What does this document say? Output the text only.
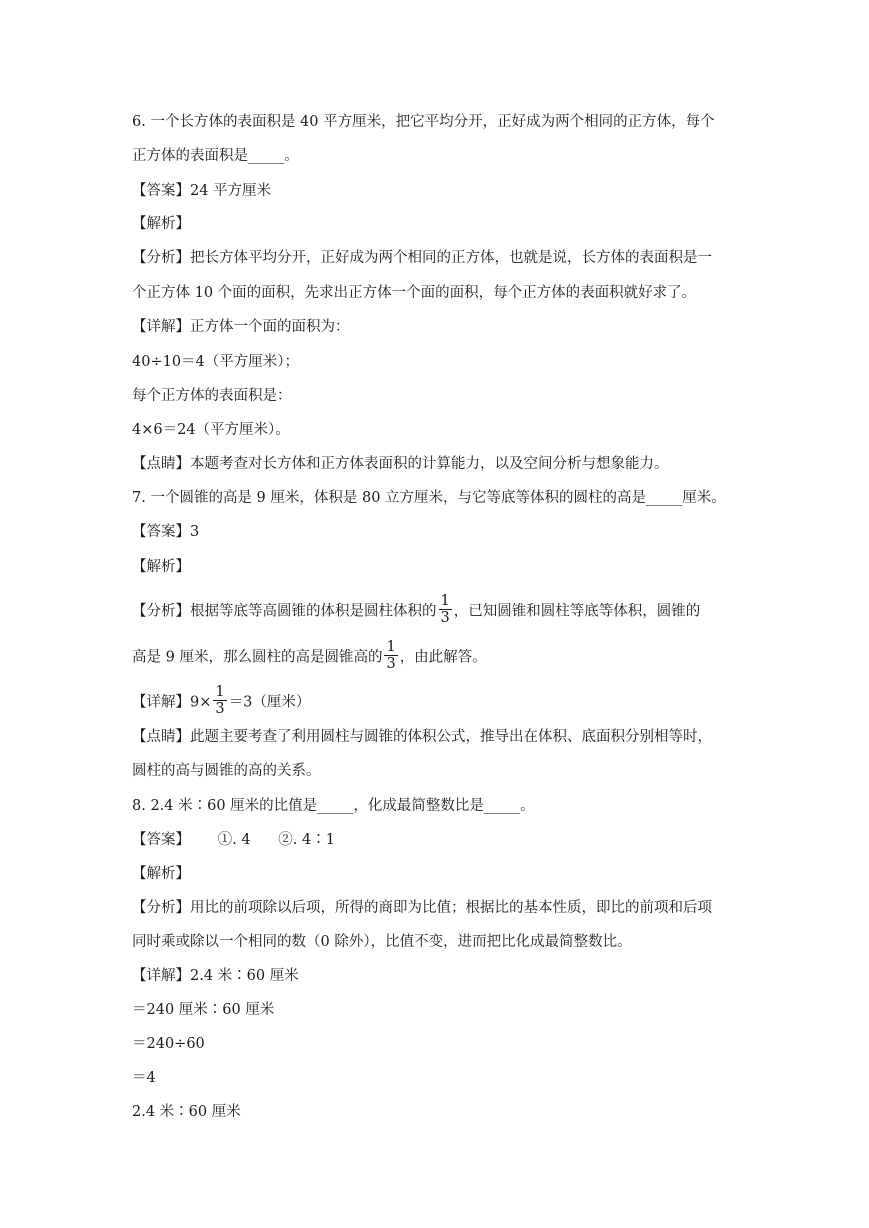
6. 一个长方体的表面积是 40 平方厘米，把它平均分开，正好成为两个相同的正方体，每个
正方体的表面积是_____。
【答案】24 平方厘米
【解析】
【分析】把长方体平均分开，正好成为两个相同的正方体，也就是说，长方体的表面积是一
个正方体 10 个面的面积，先求出正方体一个面的面积，每个正方体的表面积就好求了。
【详解】正方体一个面的面积为：
40÷10＝4（平方厘米）；
每个正方体的表面积是：
4×6＝24（平方厘米）。
【点睛】本题考查对长方体和正方体表面积的计算能力，以及空间分析与想象能力。
7. 一个圆锥的高是 9 厘米，体积是 80 立方厘米，与它等底等体积的圆柱的高是_____厘米。
【答案】3
【解析】
【分析】根据等底等高圆锥的体积是圆柱体积的 $\frac{1}{3}$ ，已知圆锥和圆柱等底等体积，圆锥的
高是 9 厘米，那么圆柱的高是圆锥高的 $\frac{1}{3}$ ，由此解答。
【详解】$9\times \frac{1}{3} =3$（厘米）
【点睛】此题主要考查了利用圆柱与圆锥的体积公式，推导出在体积、底面积分别相等时，
圆柱的高与圆锥的高的关系。
8. 2.4 米∶60 厘米的比值是_____，化成最简整数比是_____。
【答案】      ①. 4      ②. 4∶1
【解析】
【分析】用比的前项除以后项，所得的商即为比值；根据比的基本性质，即比的前项和后项
同时乘或除以一个相同的数（0 除外），比值不变，进而把比化成最简整数比。
【详解】2.4 米∶60 厘米
＝240 厘米∶60 厘米
＝240÷60
＝4
2.4 米∶60 厘米
